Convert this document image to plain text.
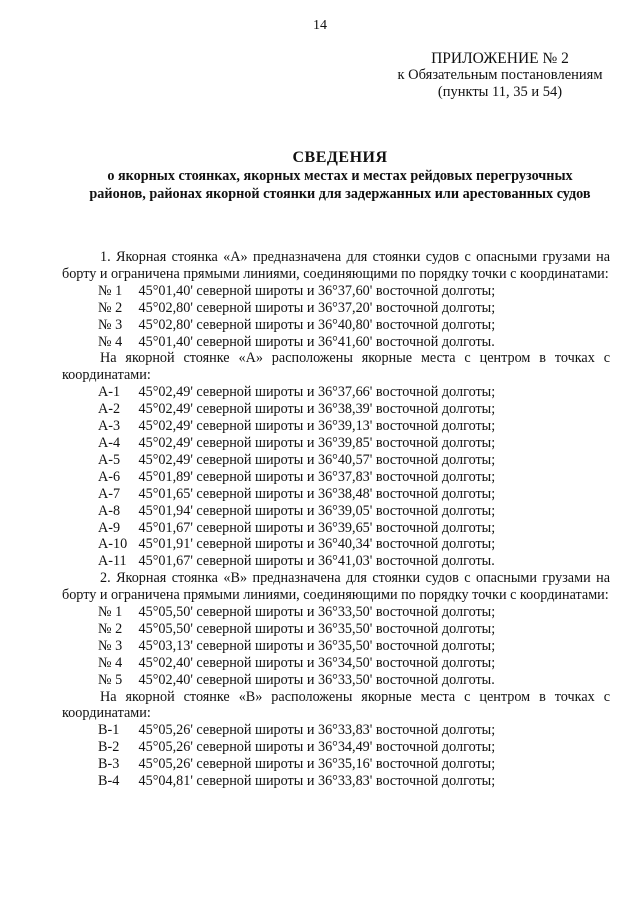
14
ПРИЛОЖЕНИЕ № 2
к Обязательным постановлениям
(пункты 11, 35 и 54)
СВЕДЕНИЯ
о якорных стоянках, якорных местах и местах рейдовых перегрузочных
районов, районах якорной стоянки для задержанных или арестованных судов

1. Якорная стоянка «А» предназначена для стоянки судов с опасными грузами на борту и ограничена прямыми линиями, соединяющими по порядку точки с координатами:

№ 1 45°01,40' северной широты и 36°37,60' восточной долготы;

№ 2 45°02,80' северной широты и 36°37,20' восточной долготы;

№ 3 45°02,80' северной широты и 36°40,80' восточной долготы;

№ 4 45°01,40' северной широты и 36°41,60' восточной долготы.

На якорной стоянке «А» расположены якорные места с центром в точках с координатами:

А-1 45°02,49' северной широты и 36°37,66' восточной долготы;

А-2 45°02,49' северной широты и 36°38,39' восточной долготы;

А-3 45°02,49' северной широты и 36°39,13' восточной долготы;

А-4 45°02,49' северной широты и 36°39,85' восточной долготы;

А-5 45°02,49' северной широты и 36°40,57' восточной долготы;

А-6 45°01,89' северной широты и 36°37,83' восточной долготы;

А-7 45°01,65' северной широты и 36°38,48' восточной долготы;

А-8 45°01,94' северной широты и 36°39,05' восточной долготы;

А-9 45°01,67' северной широты и 36°39,65' восточной долготы;

А-10 45°01,91' северной широты и 36°40,34' восточной долготы;

А-11 45°01,67' северной широты и 36°41,03' восточной долготы.

2. Якорная стоянка «В» предназначена для стоянки судов с опасными грузами на борту и ограничена прямыми линиями, соединяющими по порядку точки с координатами:

№ 1 45°05,50' северной широты и 36°33,50' восточной долготы;

№ 2 45°05,50' северной широты и 36°35,50' восточной долготы;

№ 3 45°03,13' северной широты и 36°35,50' восточной долготы;

№ 4 45°02,40' северной широты и 36°34,50' восточной долготы;

№ 5 45°02,40' северной широты и 36°33,50' восточной долготы.

На якорной стоянке «В» расположены якорные места с центром в точках с координатами:

В-1 45°05,26' северной широты и 36°33,83' восточной долготы;

В-2 45°05,26' северной широты и 36°34,49' восточной долготы;

В-3 45°05,26' северной широты и 36°35,16' восточной долготы;

В-4 45°04,81' северной широты и 36°33,83' восточной долготы;
